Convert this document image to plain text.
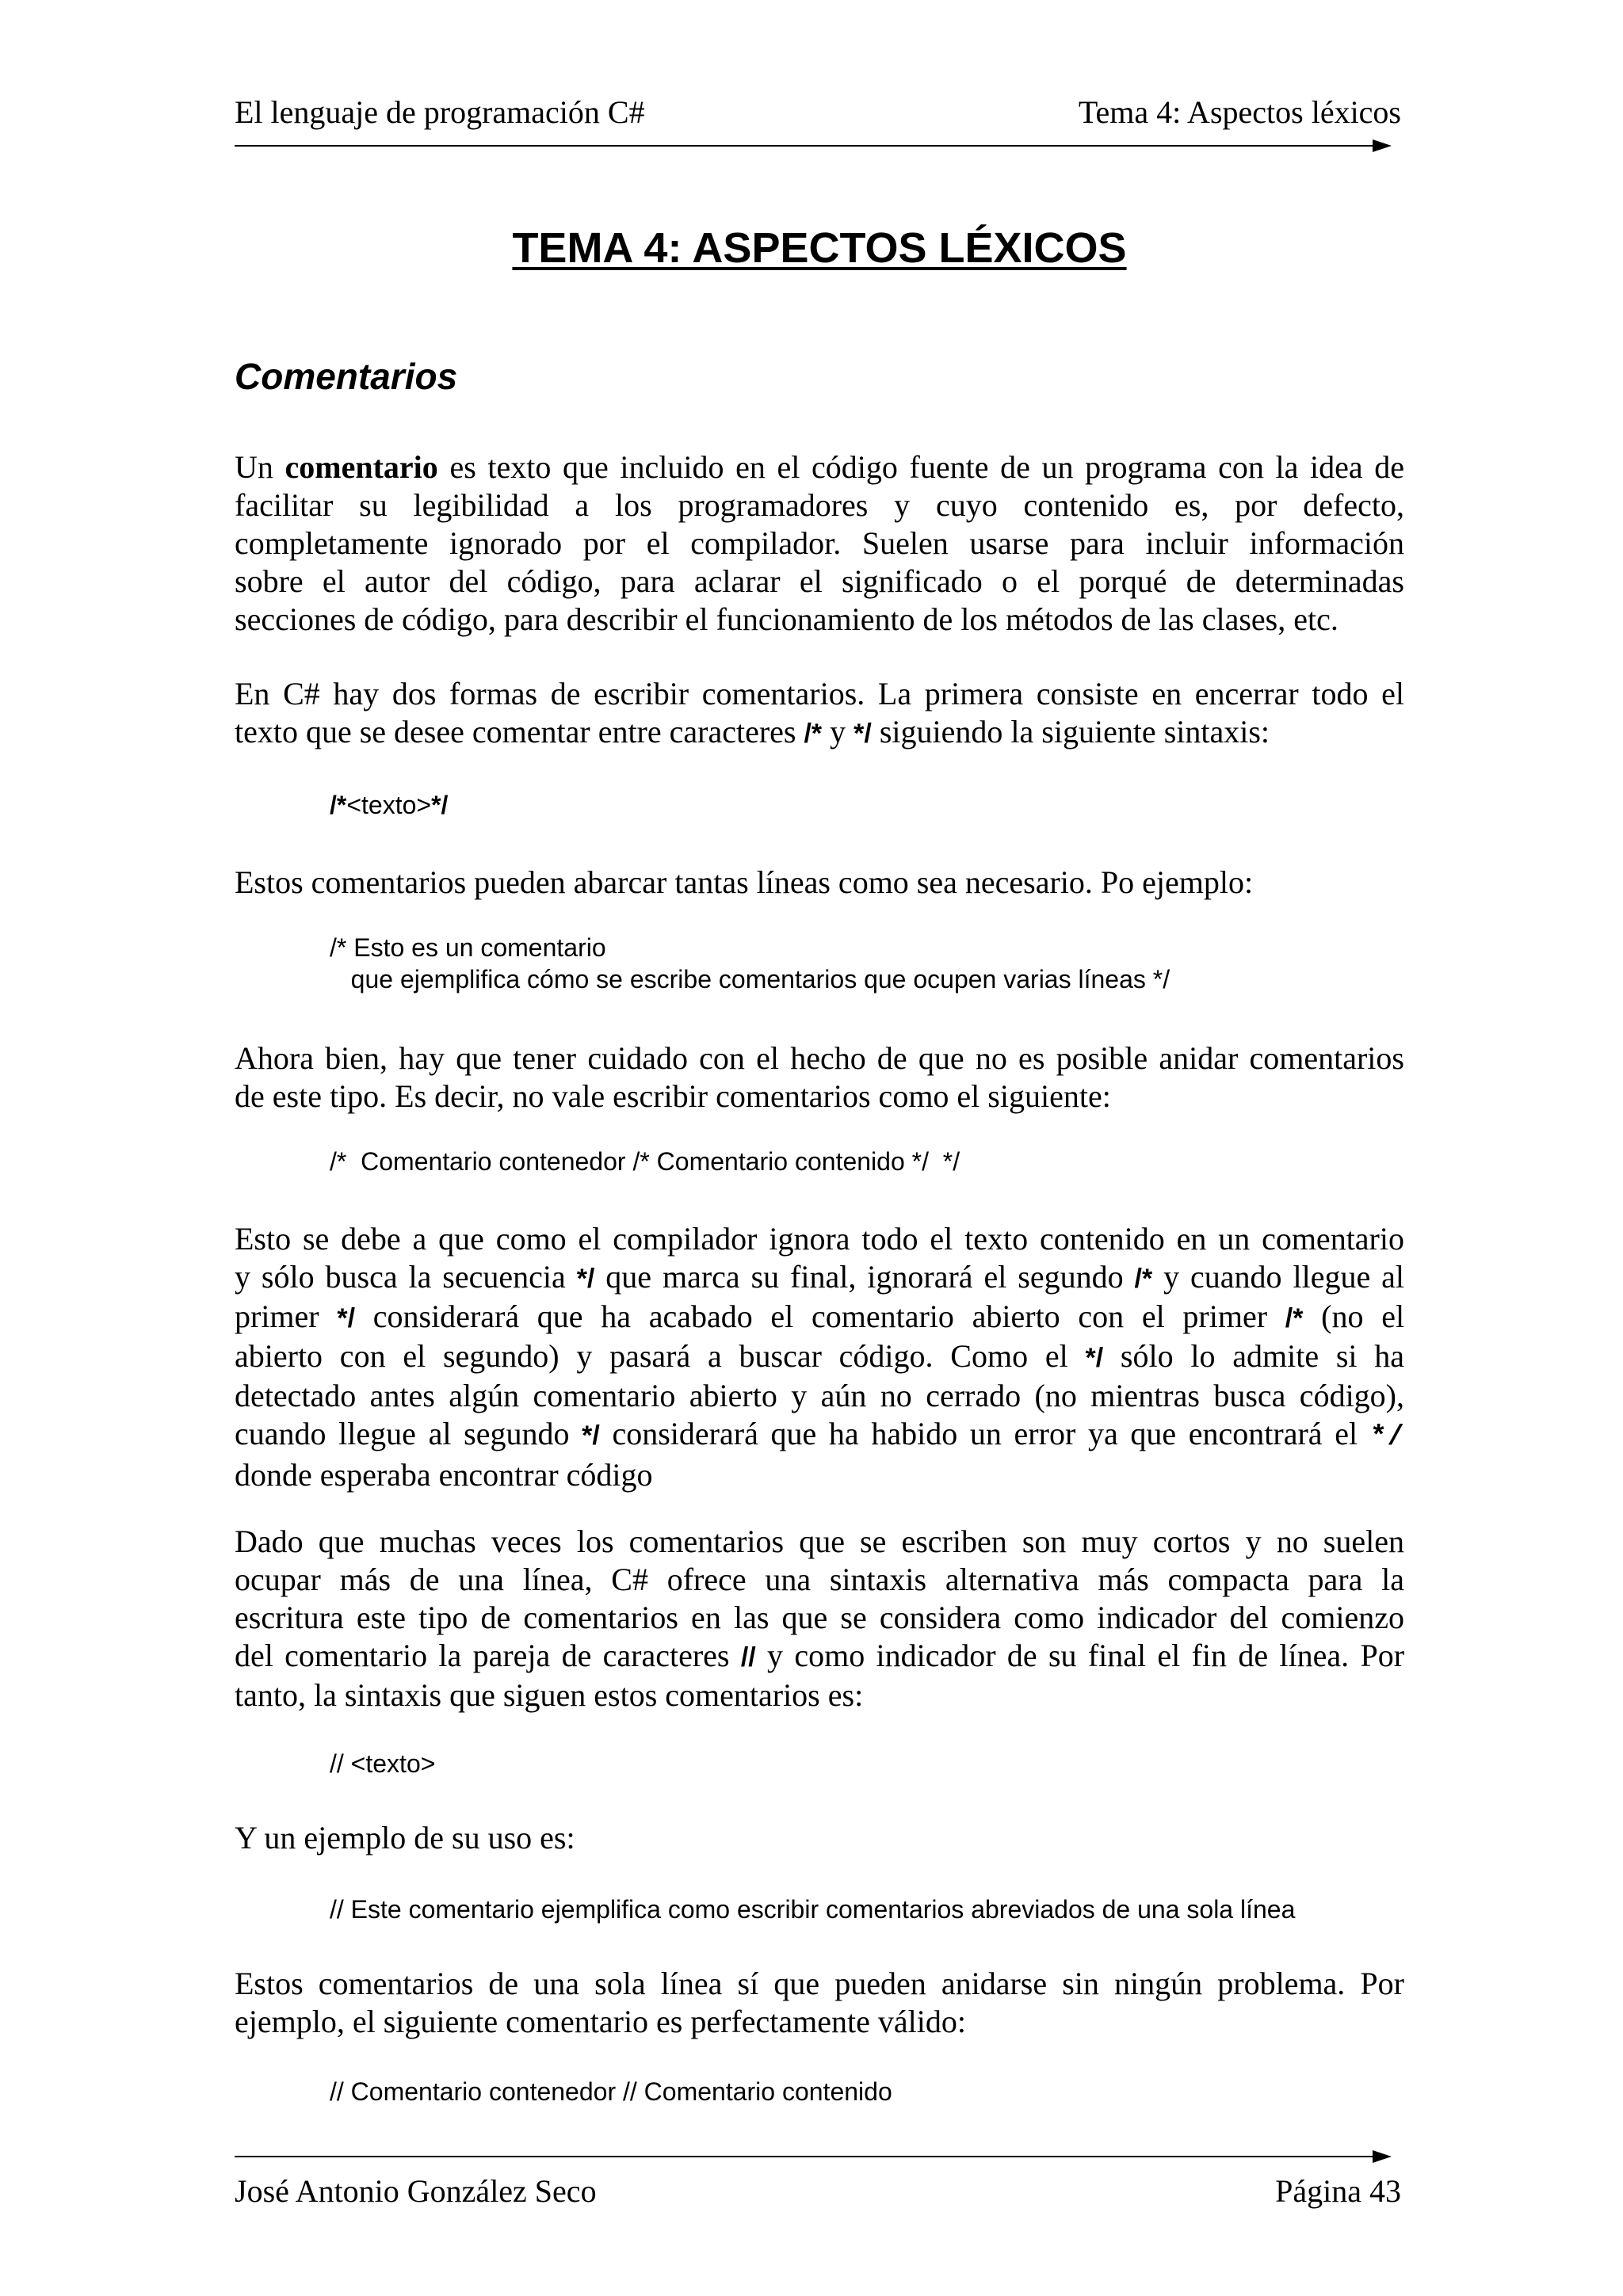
El lenguaje de programación C#	Tema 4: Aspectos léxicos
TEMA 4: ASPECTOS LÉXICOS
Comentarios

Un comentario es texto que incluido en el código fuente de un programa con la idea de
facilitar su legibilidad a los programadores y cuyo contenido es, por defecto,
completamente ignorado por el compilador. Suelen usarse para incluir información
sobre el autor del código, para aclarar el significado o el porqué de determinadas
secciones de código, para describir el funcionamiento de los métodos de las clases, etc.

En C# hay dos formas de escribir comentarios. La primera consiste en encerrar todo el
texto que se desee comentar entre caracteres /* y */ siguiendo la siguiente sintaxis:

/*<texto>*/

Estos comentarios pueden abarcar tantas líneas como sea necesario. Po ejemplo:

/* Esto es un comentario
que ejemplifica cómo se escribe comentarios que ocupen varias líneas */

Ahora bien, hay que tener cuidado con el hecho de que no es posible anidar comentarios
de este tipo. Es decir, no vale escribir comentarios como el siguiente:

/*  Comentario contenedor /* Comentario contenido */  */

Esto se debe a que como el compilador ignora todo el texto contenido en un comentario
y sólo busca la secuencia */ que marca su final, ignorará el segundo /* y cuando llegue al
primer */ considerará que ha acabado el comentario abierto con el primer /* (no el
abierto con el segundo) y pasará a buscar código. Como el */ sólo lo admite si ha
detectado antes algún comentario abierto y aún no cerrado (no mientras busca código),
cuando llegue al segundo */ considerará que ha habido un error ya que encontrará el */
donde esperaba encontrar código

Dado que muchas veces los comentarios que se escriben son muy cortos y no suelen
ocupar más de una línea, C# ofrece una sintaxis alternativa más compacta para la
escritura este tipo de comentarios en las que se considera como indicador del comienzo
del comentario la pareja de caracteres // y como indicador de su final el fin de línea. Por
tanto, la sintaxis que siguen estos comentarios es:

// <texto>

Y un ejemplo de su uso es:

// Este comentario ejemplifica como escribir comentarios abreviados de una sola línea

Estos comentarios de una sola línea sí que pueden anidarse sin ningún problema. Por
ejemplo, el siguiente comentario es perfectamente válido:

// Comentario contenedor // Comentario contenido
José Antonio González Seco	Página 43
